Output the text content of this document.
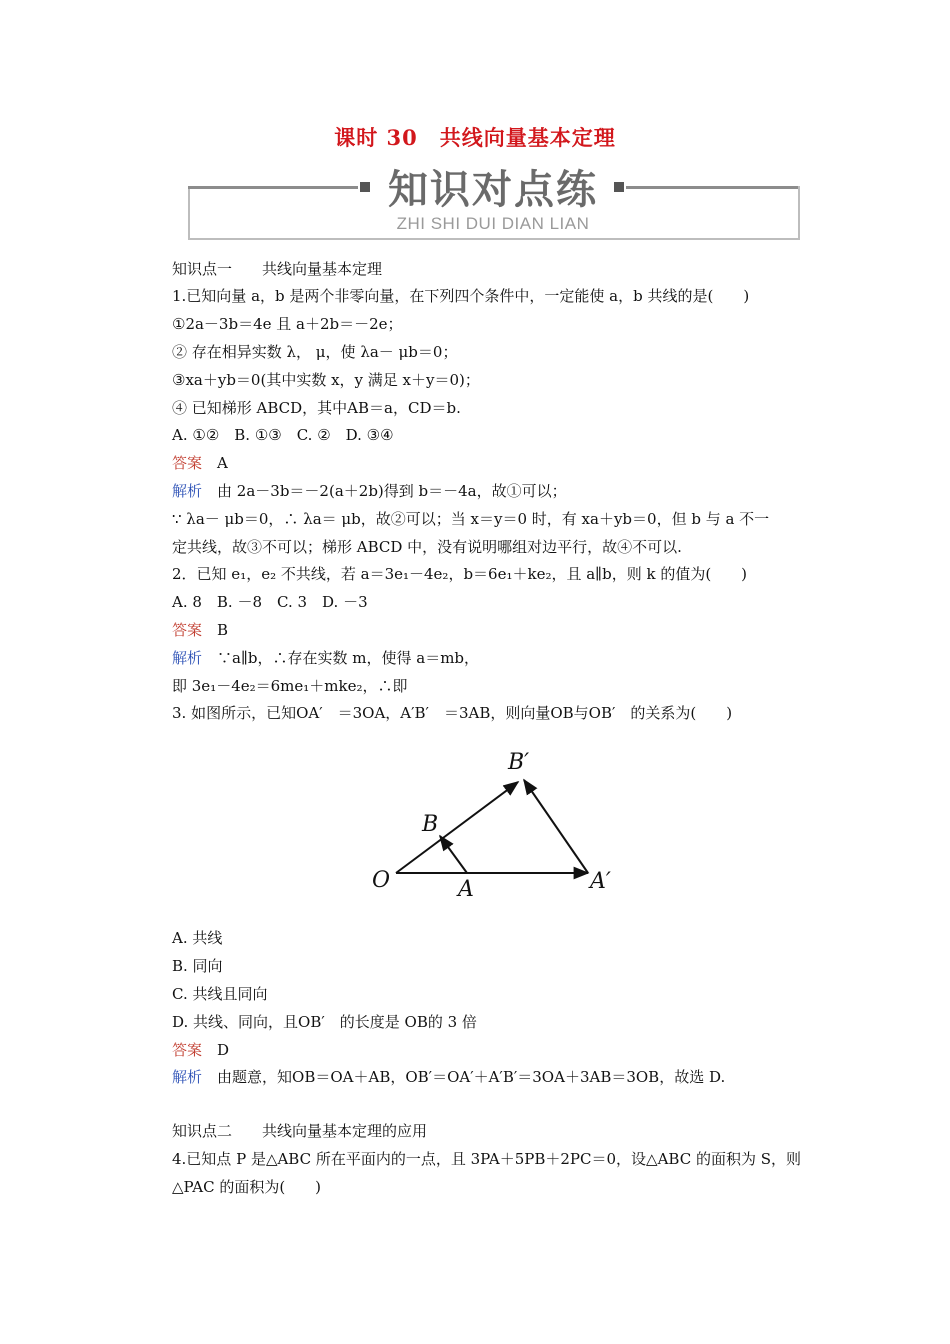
课时 30　共线向量基本定理
知识对点练
ZHI SHI DUI DIAN LIAN
知识点一　　共线向量基本定理
1.已知向量 a，b 是两个非零向量，在下列四个条件中，一定能使 a，b 共线的是(　　)
①2a－3b＝4e 且 a＋2b＝－2e；
② 存在相异实数 λ， μ，使 λa－ μb＝0；
③xa＋yb＝0(其中实数 x，y 满足 x＋y＝0)；
④ 已知梯形 ABCD，其中AB＝a，CD＝b.
A. ①②　B. ①③　C. ②　D. ③④
答案　 A
解析　 由 2a－3b＝－2(a＋2b)得到 b＝－4a，故①可以；
∵ λa－ μb＝0，∴ λa＝ μb，故②可以；当 x＝y＝0 时，有 xa＋yb＝0，但 b 与 a 不一
定共线，故③不可以；梯形 ABCD 中，没有说明哪组对边平行，故④不可以.
2．已知 e₁，e₂ 不共线，若 a＝3e₁－4e₂，b＝6e₁＋ke₂，且 a∥b，则 k 的值为(　　)
A. 8　B. －8　C. 3　D. －3
答案　 B
解析　 ∵a∥b，∴存在实数 m，使得 a＝mb，
即 3e₁－4e₂＝6me₁＋mke₂，∴即
3. 如图所示，已知OA′　＝3OA，A′B′　＝3AB，则向量OB与OB′　的关系为(　　)
O	A
B
A′
B′
A. 共线
B. 同向
C. 共线且同向
D. 共线、同向，且OB′　的长度是 OB的 3 倍
答案　 D
解析　 由题意，知OB＝OA＋AB，OB′＝OA′＋A′B′＝3OA＋3AB＝3OB，故选 D.
知识点二　　共线向量基本定理的应用
4.已知点 P 是△ABC 所在平面内的一点，且 3PA＋5PB＋2PC＝0，设△ABC 的面积为 S，则
△PAC 的面积为(　　)
